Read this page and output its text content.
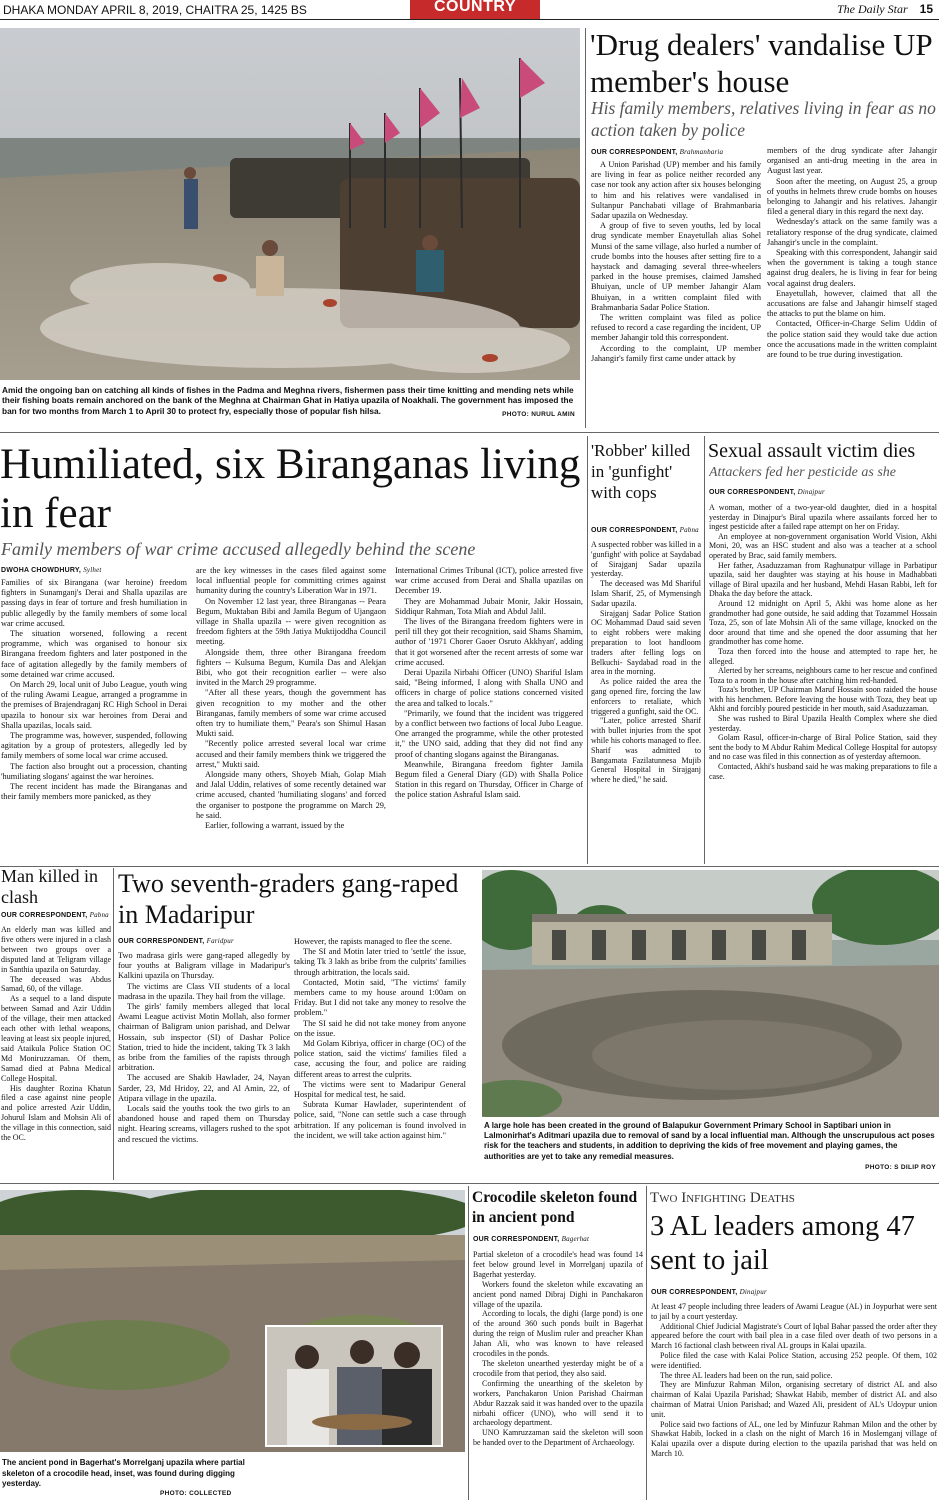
DHAKA MONDAY APRIL 8, 2019, CHAITRA 25, 1425 BS	COUNTRY	The Daily Star 15
Amid the ongoing ban on catching all kinds of fishes in the Padma and Meghna rivers, fishermen pass their time knitting and mending nets while their fishing boats remain anchored on the bank of the Meghna at Chairman Ghat in Hatiya upazila of Noakhali. The government has imposed the ban for two months from March 1 to April 30 to protect fry, especially those of popular fish hilsa.	PHOTO: NURUL AMIN
'Drug dealers' vandalise UP member's house
His family members, relatives living in fear as no action taken by police
OUR CORRESPONDENT, Brahmanbaria

A Union Parishad (UP) member and his family are living in fear as police neither recorded any case nor took any action after six houses belonging to him and his relatives were vandalised in Sultanpur Panchabati village of Brahmanbaria Sadar upazila on Wednesday.

A group of five to seven youths, led by local drug syndicate member Enayetullah alias Sohel Munsi of the same village, also hurled a number of crude bombs into the houses after setting fire to a haystack and damaging several three-wheelers parked in the house premises, claimed Jamshed Bhuiyan, uncle of UP member Jahangir Alam Bhuiyan, in a written complaint filed with Brahmanbaria Sadar Police Station.

The written complaint was filed as police refused to record a case regarding the incident, UP member Jahangir told this correspondent.

According to the complaint, UP member Jahangir's family first came under attack by

members of the drug syndicate after Jahangir organised an anti-drug meeting in the area in August last year.

Soon after the meeting, on August 25, a group of youths in helmets threw crude bombs on houses belonging to Jahangir and his relatives. Jahangir filed a general diary in this regard the next day.

Wednesday's attack on the same family was a retaliatory response of the drug syndicate, claimed Jahangir's uncle in the complaint.

Speaking with this correspondent, Jahangir said when the government is taking a tough stance against drug dealers, he is living in fear for being vocal against drug dealers.

Enayetullah, however, claimed that all the accusations are false and Jahangir himself staged the attacks to put the blame on him.

Contacted, Officer-in-Charge Selim Uddin of the police station said they would take due action once the accusations made in the written complaint are found to be true during investigation.

Humiliated, six Biranganas living in fear
Family members of war crime accused allegedly behind the scene
DWOHA CHOWDHURY, Sylhet

Families of six Birangana (war heroine) freedom fighters in Sunamganj's Derai and Shalla upazilas are passing days in fear of torture and fresh humiliation in public allegedly by the family members of some local war crime accused.

The situation worsened, following a recent programme, which was organised to honour six Birangana freedom fighters and later postponed in the face of agitation allegedly by the family members of some detained war crime accused.

On March 29, local unit of Jubo League, youth wing of the ruling Awami League, arranged a programme in the premises of Brajendraganj RC High School in Derai upazila to honour six war heroines from Derai and Shalla upazilas, locals said.

The programme was, however, suspended, following agitation by a group of protesters, allegedly led by family members of some local war crime accused.

The faction also brought out a procession, chanting 'humiliating slogans' against the war heroines.

The recent incident has made the Biranganas and their family members more panicked, as they

are the key witnesses in the cases filed against some local influential people for committing crimes against humanity during the country's Liberation War in 1971.

On November 12 last year, three Biranganas -- Peara Begum, Muktaban Bibi and Jamila Begum of Ujangaon village in Shalla upazila -- were given recognition as freedom fighters at the 59th Jatiya Muktijoddha Council meeting.

Alongside them, three other Birangana freedom fighters -- Kulsuma Begum, Kumila Das and Alekjan Bibi, who got their recognition earlier -- were also invited in the March 29 programme.

"After all these years, though the government has given recognition to my mother and the other Biranganas, family members of some war crime accused often try to humiliate them," Peara's son Shimul Hasan Mukti said.

"Recently police arrested several local war crime accused and their family members think we triggered the arrest," Mukti said.

Alongside many others, Shoyeb Miah, Golap Miah and Jalal Uddin, relatives of some recently detained war crime accused, chanted 'humiliating slogans' and forced the organiser to postpone the programme on March 29, he said.

Earlier, following a warrant, issued by the

International Crimes Tribunal (ICT), police arrested five war crime accused from Derai and Shalla upazilas on December 19.

They are Mohammad Jubair Monir, Jakir Hossain, Siddiqur Rahman, Tota Miah and Abdul Jalil.

The lives of the Birangana freedom fighters were in peril till they got their recognition, said Shams Shamim, author of '1971 Chorer Gaoer Osruto Akkhyan', adding that it got worsened after the recent arrests of some war crime accused.

Derai Upazila Nirbahi Officer (UNO) Shariful Islam said, "Being informed, I along with Shalla UNO and officers in charge of police stations concerned visited the area and talked to locals."

"Primarily, we found that the incident was triggered by a conflict between two factions of local Jubo League. One arranged the programme, while the other protested it," the UNO said, adding that they did not find any proof of chanting slogans against the Biranganas.

Meanwhile, Birangana freedom fighter Jamila Begum filed a General Diary (GD) with Shalla Police Station in this regard on Thursday, Officer in Charge of the police station Ashraful Islam said.

'Robber' killed in 'gunfight' with cops
OUR CORRESPONDENT, Pabna

A suspected robber was killed in a 'gunfight' with police at Saydabad of Sirajganj Sadar upazila yesterday.

The deceased was Md Shariful Islam Sharif, 25, of Mymensingh Sadar upazila.

Sirajganj Sadar Police Station OC Mohammad Daud said seven to eight robbers were making preparation to loot handloom traders after felling logs on Belkuchi- Saydabad road in the area in the morning.

As police raided the area the gang opened fire, forcing the law enforcers to retaliate, which triggered a gunfight, said the OC.

"Later, police arrested Sharif with bullet injuries from the spot while his cohorts managed to flee. Sharif was admitted to Bangamata Fazilatunnesa Mujib General Hospital in Sirajganj where he died," he said.

Sexual assault victim dies
Attackers fed her pesticide as she
OUR CORRESPONDENT, Dinajpur

A woman, mother of a two-year-old daughter, died in a hospital yesterday in Dinajpur's Biral upazila where assailants forced her to ingest pesticide after a failed rape attempt on her on Friday.

An employee at non-government organisation World Vision, Akhi Moni, 20, was an HSC student and also was a teacher at a school operated by Brac, said family members.

Her father, Asaduzzaman from Raghunatpur village in Parbatipur upazila, said her daughter was staying at his house in Madhabbati village of Biral upazila and her husband, Mehdi Hasan Rabbi, left for Dhaka the day before the attack.

Around 12 midnight on April 5, Akhi was home alone as her grandmother had gone outside, he said adding that Tozammel Hossain Toza, 25, son of late Mohsin Ali of the same village, knocked on the door around that time and she opened the door assuming that her grandmother has come home.

Toza then forced into the house and attempted to rape her, he alleged.

Alerted by her screams, neighbours came to her rescue and confined Toza to a room in the house after catching him red-handed.

Toza's brother, UP Chairman Maruf Hossain soon raided the house with his henchmen. Before leaving the house with Toza, they beat up Akhi and forcibly poured pesticide in her mouth, said Asaduzzaman.

She was rushed to Biral Upazila Health Complex where she died yesterday.

Golam Rasul, officer-in-charge of Biral Police Station, said they sent the body to M Abdur Rahim Medical College Hospital for autopsy and no case was filed in this connection as of yesterday afternoon.

Contacted, Akhi's husband said he was making preparations to file a case.

Man killed in clash
OUR CORRESPONDENT, Pabna

An elderly man was killed and five others were injured in a clash between two groups over a disputed land at Teligram village in Santhia upazila on Saturday.

The deceased was Abdus Samad, 60, of the village.

As a sequel to a land dispute between Samad and Azir Uddin of the village, their men attacked each other with lethal weapons, leaving at least six people injured, said Ataikula Police Station OC Md Moniruzzaman. Of them, Samad died at Pabna Medical College Hospital.

His daughter Rozina Khatun filed a case against nine people and police arrested Azir Uddin, Johurul Islam and Mohsin Ali of the village in this connection, said the OC.

Two seventh-graders gang-raped in Madaripur
OUR CORRESPONDENT, Faridpur

Two madrasa girls were gang-raped allegedly by four youths at Baligram village in Madaripur's Kalkini upazila on Thursday.

The victims are Class VII students of a local madrasa in the upazila. They hail from the village.

The girls' family members alleged that local Awami League activist Motin Mollah, also former chairman of Baligram union parishad, and Delwar Hossain, sub inspector (SI) of Dashar Police Station, tried to hide the incident, taking Tk 3 lakh as bribe from the families of the rapists through arbitration.

The accused are Shakib Hawlader, 24, Nayan Sarder, 23, Md Hridoy, 22, and Al Amin, 22, of Atipara village in the upazila.

Locals said the youths took the two girls to an abandoned house and raped them on Thursday night. Hearing screams, villagers rushed to the spot and rescued the victims.

However, the rapists managed to flee the scene.

The SI and Motin later tried to 'settle' the issue, taking Tk 3 lakh as bribe from the culprits' families through arbitration, the locals said.

Contacted, Motin said, "The victims' family members came to my house around 1:00am on Friday. But I did not take any money to resolve the problem."

The SI said he did not take money from anyone on the issue.

Md Golam Kibriya, officer in charge (OC) of the police station, said the victims' families filed a case, accusing the four, and police are raiding different areas to arrest the culprits.

The victims were sent to Madaripur General Hospital for medical test, he said.

Subrata Kumar Hawlader, superintendent of police, said, "None can settle such a case through arbitration. If any policeman is found involved in the incident, we will take action against him."

A large hole has been created in the ground of Balapukur Government Primary School in Saptibari union in Lalmonirhat's Aditmari upazila due to removal of sand by a local influential man. Although the unscrupulous act poses risk for the teachers and students, in addition to depriving the kids of free movement and playing games, the authorities are yet to take any remedial measures.
PHOTO: S DILIP ROY
The ancient pond in Bagerhat's Morrelganj upazila where partial skeleton of a crocodile head, inset, was found during digging yesterday.
PHOTO: COLLECTED
Crocodile skeleton found in ancient pond
OUR CORRESPONDENT, Bagerhat

Partial skeleton of a crocodile's head was found 14 feet below ground level in Morrelganj upazila of Bagerhat yesterday.

Workers found the skeleton while excavating an ancient pond named Dibraj Dighi in Panchakaron village of the upazila.

According to locals, the dighi (large pond) is one of the around 360 such ponds built in Bagerhat during the reign of Muslim ruler and preacher Khan Jahan Ali, who was known to have released crocodiles in the ponds.

The skeleton unearthed yesterday might be of a crocodile from that period, they also said.

Confirming the unearthing of the skeleton by workers, Panchakaron Union Parishad Chairman Abdur Razzak said it was handed over to the upazila nirbahi officer (UNO), who will send it to archaeology department.

UNO Kamruzzaman said the skeleton will soon be handed over to the Department of Archaeology.

Two Infighting Deaths
3 AL leaders among 47 sent to jail
OUR CORRESPONDENT, Dinajpur

At least 47 people including three leaders of Awami League (AL) in Joypurhat were sent to jail by a court yesterday.

Additional Chief Judicial Magistrate's Court of Iqbal Bahar passed the order after they appeared before the court with bail plea in a case filed over death of two persons in a March 16 factional clash between rival AL groups in Kalai upazila.

Police filed the case with Kalai Police Station, accusing 252 people. Of them, 102 were identified.

The three AL leaders had been on the run, said police.

They are Minfuzur Rahman Milon, organising secretary of district AL and also chairman of Kalai Upazila Parishad; Shawkat Habib, member of district AL and also chairman of Matrai Union Parishad; and Wazed Ali, president of AL's Udoypur union unit.

Police said two factions of AL, one led by Minfuzur Rahman Milon and the other by Shawkat Habib, locked in a clash on the night of March 16 in Moslemganj village of Kalai upazila over a dispute during election to the upazila parishad that was held on March 10.
